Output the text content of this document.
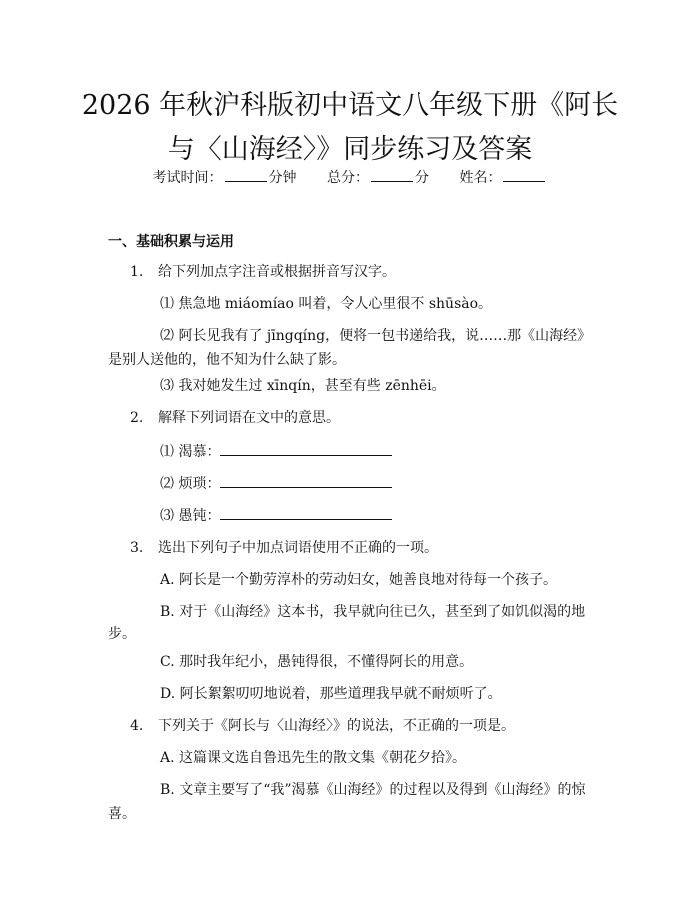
2026 年秋沪科版初中语文八年级下册《阿长
与〈山海经〉》同步练习及答案
考试时间：	分钟 总分：	分 姓名：
一、基础积累与运用
1. 给下列加点字注音或根据拼音写汉字。
⑴ 焦急地 miáomíao 叫着，令人心里很不 shūsào。
⑵ 阿长见我有了 jīngqíng，便将一包书递给我，说……那《山海经》
是别人送他的，他不知为什么缺了影。
⑶ 我对她发生过 xīnqín，甚至有些 zēnhēi。
2. 解释下列词语在文中的意思。
⑴ 渴慕：
⑵ 烦琐：
⑶ 愚钝：
3. 选出下列句子中加点词语使用不正确的一项。
A. 阿长是一个勤劳淳朴的劳动妇女，她善良地对待每一个孩子。
B. 对于《山海经》这本书，我早就向往已久，甚至到了如饥似渴的地
步。
C. 那时我年纪小，愚钝得很，不懂得阿长的用意。
D. 阿长絮絮叨叨地说着，那些道理我早就不耐烦听了。
4. 下列关于《阿长与〈山海经〉》的说法，不正确的一项是。
A. 这篇课文选自鲁迅先生的散文集《朝花夕拾》。
B. 文章主要写了“我”渴慕《山海经》的过程以及得到《山海经》的惊
喜。
